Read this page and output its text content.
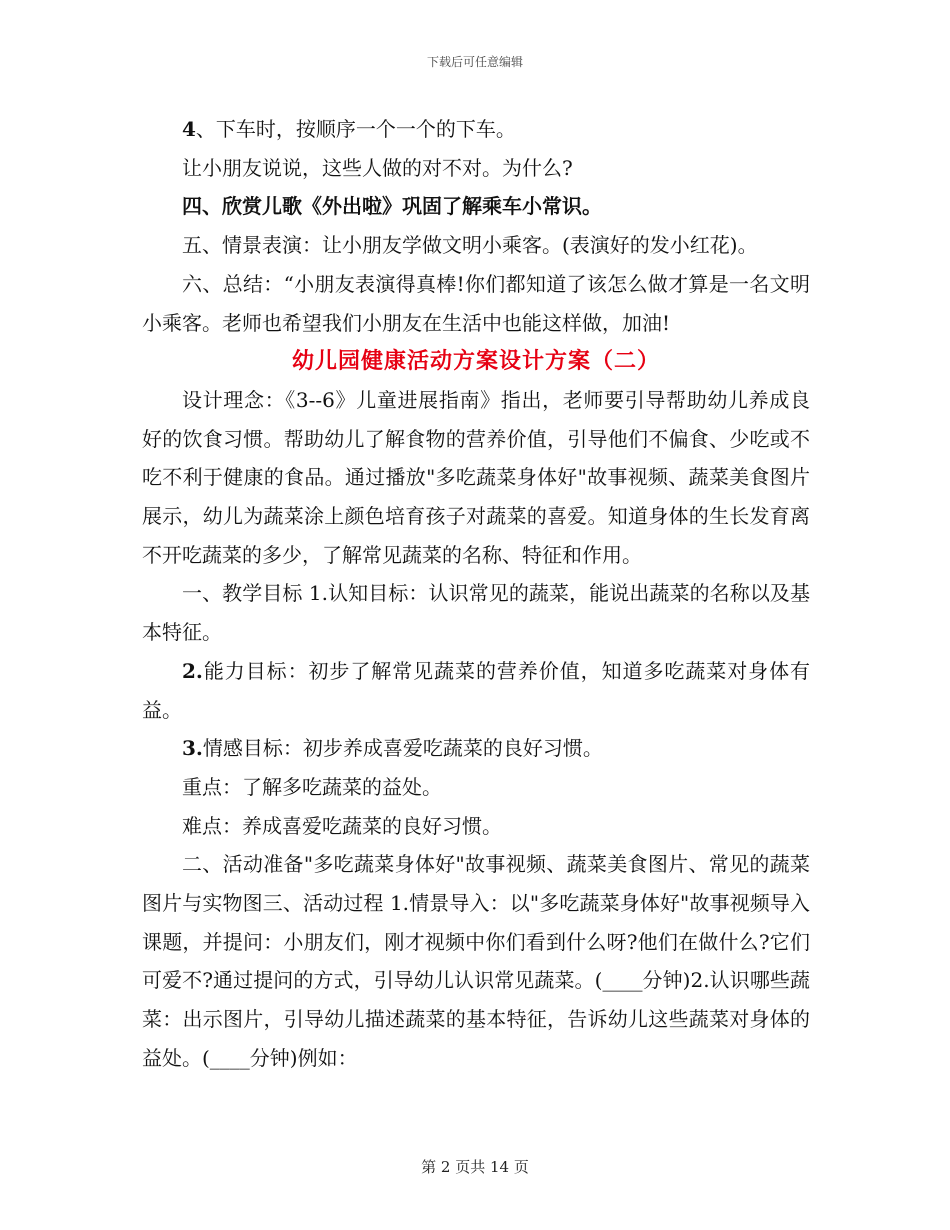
下载后可任意编辑

4、下车时，按顺序一个一个的下车。

让小朋友说说，这些人做的对不对。为什么?

四、欣赏儿歌《外出啦》巩固了解乘车小常识。

五、情景表演：让小朋友学做文明小乘客。(表演好的发小红花)。

六、总结：“小朋友表演得真棒!你们都知道了该怎么做才算是一名文明小乘客。老师也希望我们小朋友在生活中也能这样做，加油!

幼儿园健康活动方案设计方案（二）

设计理念：《3--6》儿童进展指南》指出，老师要引导帮助幼儿养成良好的饮食习惯。帮助幼儿了解食物的营养价值，引导他们不偏食、少吃或不吃不利于健康的食品。通过播放"多吃蔬菜身体好"故事视频、蔬菜美食图片展示，幼儿为蔬菜涂上颜色培育孩子对蔬菜的喜爱。知道身体的生长发育离不开吃蔬菜的多少，了解常见蔬菜的名称、特征和作用。

一、教学目标 1.认知目标：认识常见的蔬菜，能说出蔬菜的名称以及基本特征。

2.能力目标：初步了解常见蔬菜的营养价值，知道多吃蔬菜对身体有益。

3.情感目标：初步养成喜爱吃蔬菜的良好习惯。

重点：了解多吃蔬菜的益处。

难点：养成喜爱吃蔬菜的良好习惯。

二、活动准备"多吃蔬菜身体好"故事视频、蔬菜美食图片、常见的蔬菜图片与实物图三、活动过程 1.情景导入：以"多吃蔬菜身体好"故事视频导入课题，并提问：小朋友们，刚才视频中你们看到什么呀?他们在做什么?它们可爱不?通过提问的方式，引导幼儿认识常见蔬菜。(____分钟)2.认识哪些蔬菜：出示图片，引导幼儿描述蔬菜的基本特征，告诉幼儿这些蔬菜对身体的益处。(____分钟)例如：

第 2 页共 14 页
